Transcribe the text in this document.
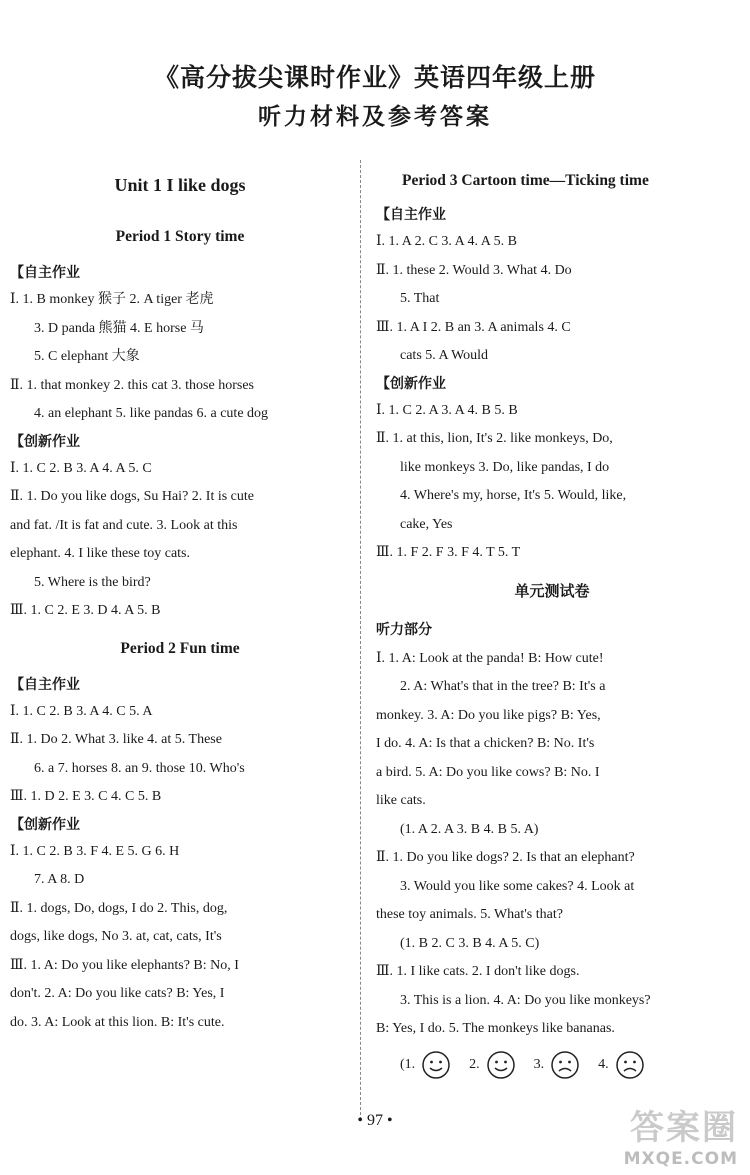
《高分拔尖课时作业》英语四年级上册
听力材料及参考答案
Unit 1 I like dogs
Period 1 Story time
【自主作业
Ⅰ. 1. B monkey 猴子 2. A tiger 老虎
3. D panda 熊猫 4. E horse 马
5. C elephant 大象
Ⅱ. 1. that monkey 2. this cat 3. those horses
4. an elephant 5. like pandas 6. a cute dog
【创新作业
Ⅰ. 1. C 2. B 3. A 4. A 5. C
Ⅱ. 1. Do you like dogs, Su Hai? 2. It is cute
and fat. /It is fat and cute. 3. Look at this
elephant. 4. I like these toy cats.
5. Where is the bird?
Ⅲ. 1. C 2. E 3. D 4. A 5. B
Period 2 Fun time
【自主作业
Ⅰ. 1. C 2. B 3. A 4. C 5. A
Ⅱ. 1. Do 2. What 3. like 4. at 5. These
6. a 7. horses 8. an 9. those 10. Who's
Ⅲ. 1. D 2. E 3. C 4. C 5. B
【创新作业
Ⅰ. 1. C 2. B 3. F 4. E 5. G 6. H
7. A 8. D
Ⅱ. 1. dogs, Do, dogs, I do 2. This, dog,
dogs, like dogs, No 3. at, cat, cats, It's
Ⅲ. 1. A: Do you like elephants? B: No, I
don't. 2. A: Do you like cats? B: Yes, I
do. 3. A: Look at this lion. B: It's cute.
Period 3 Cartoon time—Ticking time
【自主作业
Ⅰ. 1. A 2. C 3. A 4. A 5. B
Ⅱ. 1. these 2. Would 3. What 4. Do
5. That
Ⅲ. 1. A I 2. B an 3. A animals 4. C
cats 5. A Would
【创新作业
Ⅰ. 1. C 2. A 3. A 4. B 5. B
Ⅱ. 1. at this, lion, It's 2. like monkeys, Do,
like monkeys 3. Do, like pandas, I do
4. Where's my, horse, It's 5. Would, like,
cake, Yes
Ⅲ. 1. F 2. F 3. F 4. T 5. T
单元测试卷
听力部分
Ⅰ. 1. A: Look at the panda! B: How cute!
2. A: What's that in the tree? B: It's a
monkey. 3. A: Do you like pigs? B: Yes,
I do. 4. A: Is that a chicken? B: No. It's
a bird. 5. A: Do you like cows? B: No. I
like cats.
(1. A 2. A 3. B 4. B 5. A)
Ⅱ. 1. Do you like dogs? 2. Is that an elephant?
3. Would you like some cakes? 4. Look at
these toy animals. 5. What's that?
(1. B 2. C 3. B 4. A 5. C)
Ⅲ. 1. I like cats. 2. I don't like dogs.
3. This is a lion. 4. A: Do you like monkeys?
B: Yes, I do. 5. The monkeys like bananas.
(1.	2.	3.	4.
• 97 •	答案圈
MXQE.COM
